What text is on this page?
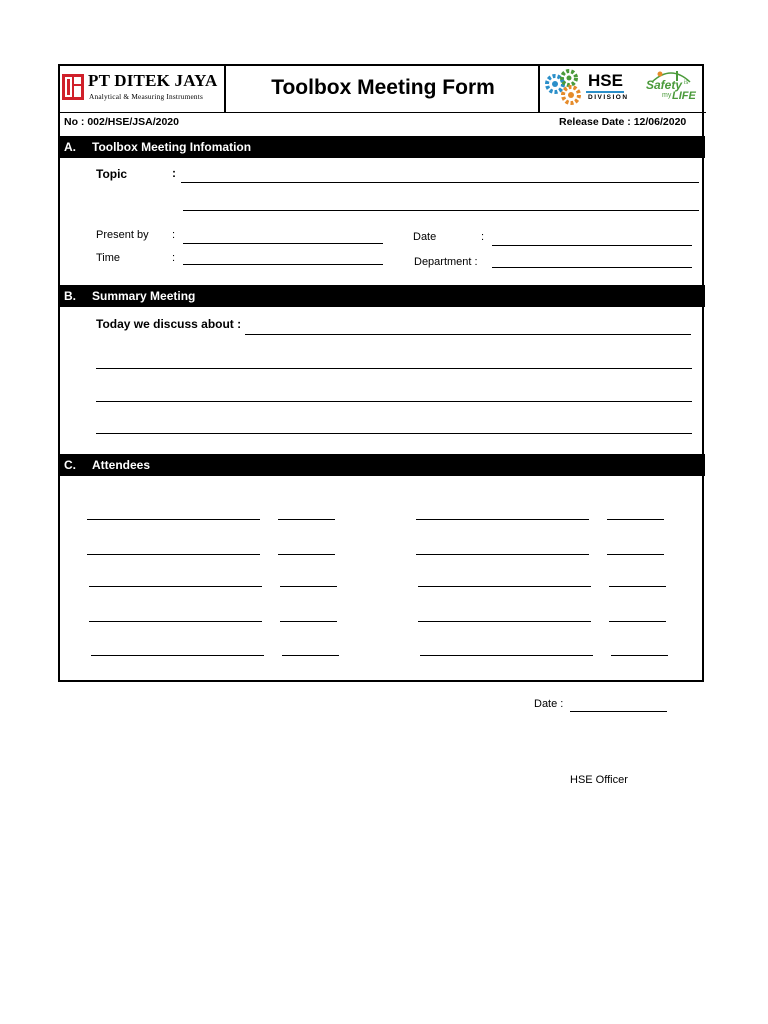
PT DITEK JAYA
Analytical & Measuring Instruments	Toolbox Meeting Form	HSE
DIVISION
Safety is
my LIFE
No : 002/HSE/JSA/2020	Release Date : 12/06/2020
A.	Toolbox Meeting Infomation
Topic	:
Present by :
Time	:
Date	:
Department :
B.	Summary Meeting
Today we discuss about :
C.	Attendees
Date :
HSE Officer
